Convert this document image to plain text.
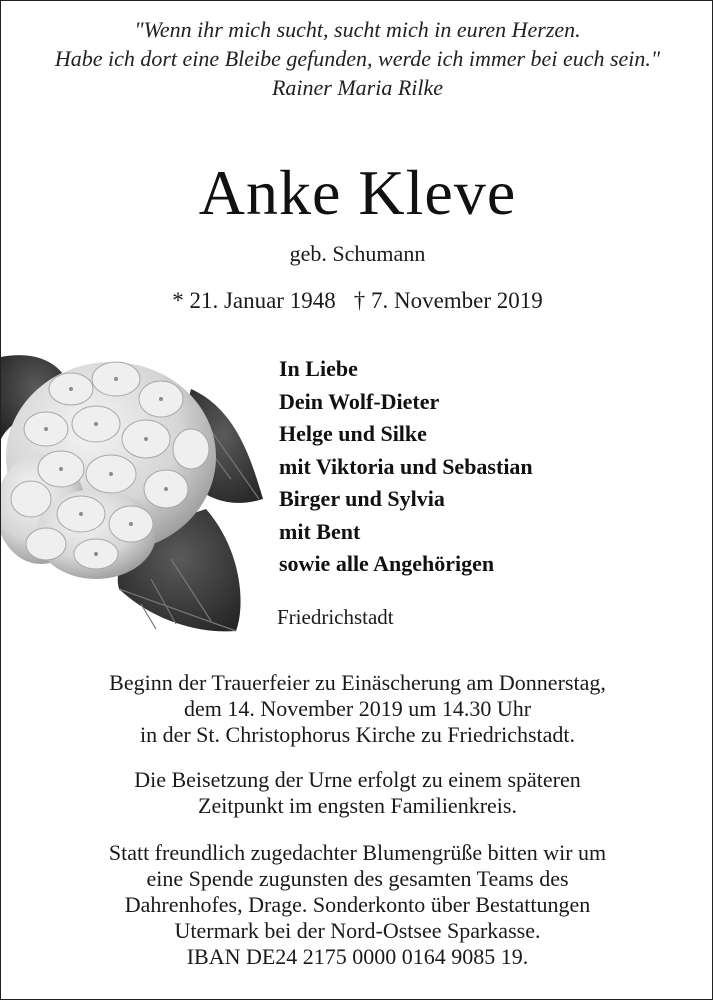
"Wenn ihr mich sucht, sucht mich in euren Herzen.
Habe ich dort eine Bleibe gefunden, werde ich immer bei euch sein."
Rainer Maria Rilke
Anke Kleve
geb. Schumann
* 21. Januar 1948 † 7. November 2019
In Liebe
Dein Wolf-Dieter
Helge und Silke
mit Viktoria und Sebastian
Birger und Sylvia
mit Bent
sowie alle Angehörigen
Friedrichstadt
Beginn der Trauerfeier zu Einäscherung am Donnerstag,
dem 14. November 2019 um 14.30 Uhr
in der St. Christophorus Kirche zu Friedrichstadt.
Die Beisetzung der Urne erfolgt zu einem späteren
Zeitpunkt im engsten Familienkreis.
Statt freundlich zugedachter Blumengrüße bitten wir um
eine Spende zugunsten des gesamten Teams des
Dahrenhofes, Drage. Sonderkonto über Bestattungen
Utermark bei der Nord-Ostsee Sparkasse.
IBAN DE24 2175 0000 0164 9085 19.
